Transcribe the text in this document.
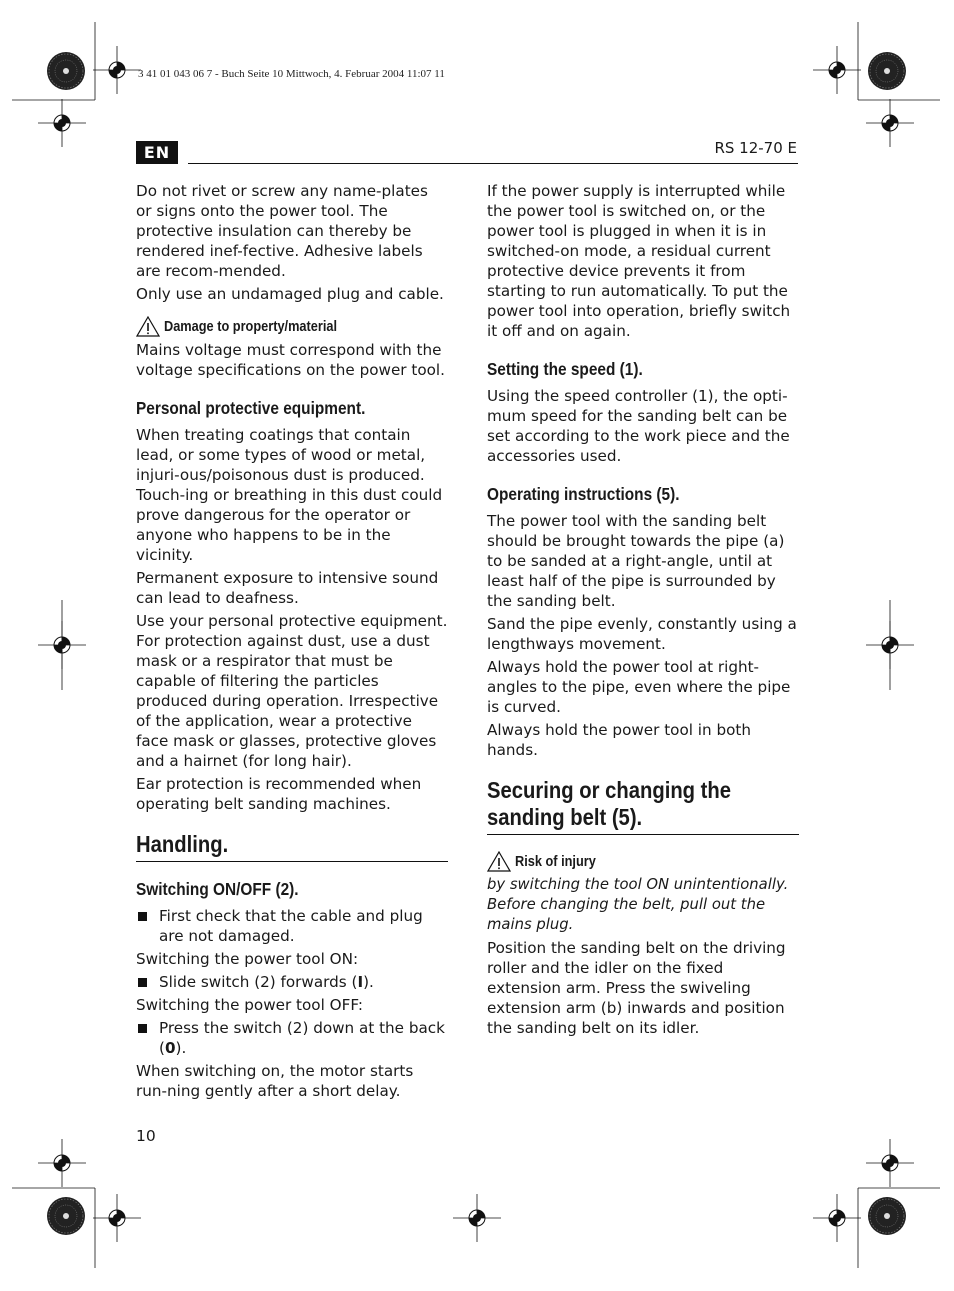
3 41 01 043 06 7 - Buch Seite 10 Mittwoch, 4. Februar 2004 11:07 11
EN	RS 12-70 E

Do not rivet or screw any name-plates or signs onto the power tool. The protective insulation can thereby be rendered inef-fective. Adhesive labels are recom-mended.

Only use an undamaged plug and cable.

Damage to property/material

Mains voltage must correspond with the voltage specifications on the power tool.

Personal protective equipment.

When treating coatings that contain lead, or some types of wood or metal, injuri-ous/poisonous dust is produced. Touch-ing or breathing in this dust could prove dangerous for the operator or anyone who happens to be in the vicinity.

Permanent exposure to intensive sound can lead to deafness.

Use your personal protective equipment. For protection against dust, use a dust mask or a respirator that must be capable of filtering the particles produced during operation. Irrespective of the application, wear a protective face mask or glasses, protective gloves and a hairnet (for long hair).

Ear protection is recommended when operating belt sanding machines.

Handling.
Switching ON/OFF (2).
First check that the cable and plug are not damaged.

Switching the power tool ON:

Slide switch (2) forwards (I).

Switching the power tool OFF:

Press the switch (2) down at the back (0).

When switching on, the motor starts run-ning gently after a short delay.

If the power supply is interrupted while the power tool is switched on, or the power tool is plugged in when it is in switched-on mode, a residual current protective device prevents it from starting to run automatically. To put the power tool into operation, briefly switch it off and on again.

Setting the speed (1).

Using the speed controller (1), the opti-mum speed for the sanding belt can be set according to the work piece and the accessories used.

Operating instructions (5).

The power tool with the sanding belt should be brought towards the pipe (a) to be sanded at a right-angle, until at least half of the pipe is surrounded by the sanding belt.

Sand the pipe evenly, constantly using a lengthways movement.

Always hold the power tool at right-angles to the pipe, even where the pipe is curved.

Always hold the power tool in both hands.

Securing or changing the
sanding belt (5).
Risk of injury

by switching the tool ON unintentionally. Before changing the belt, pull out the mains plug.

Position the sanding belt on the driving roller and the idler on the fixed extension arm. Press the swiveling extension arm (b) inwards and position the sanding belt on its idler.

10
